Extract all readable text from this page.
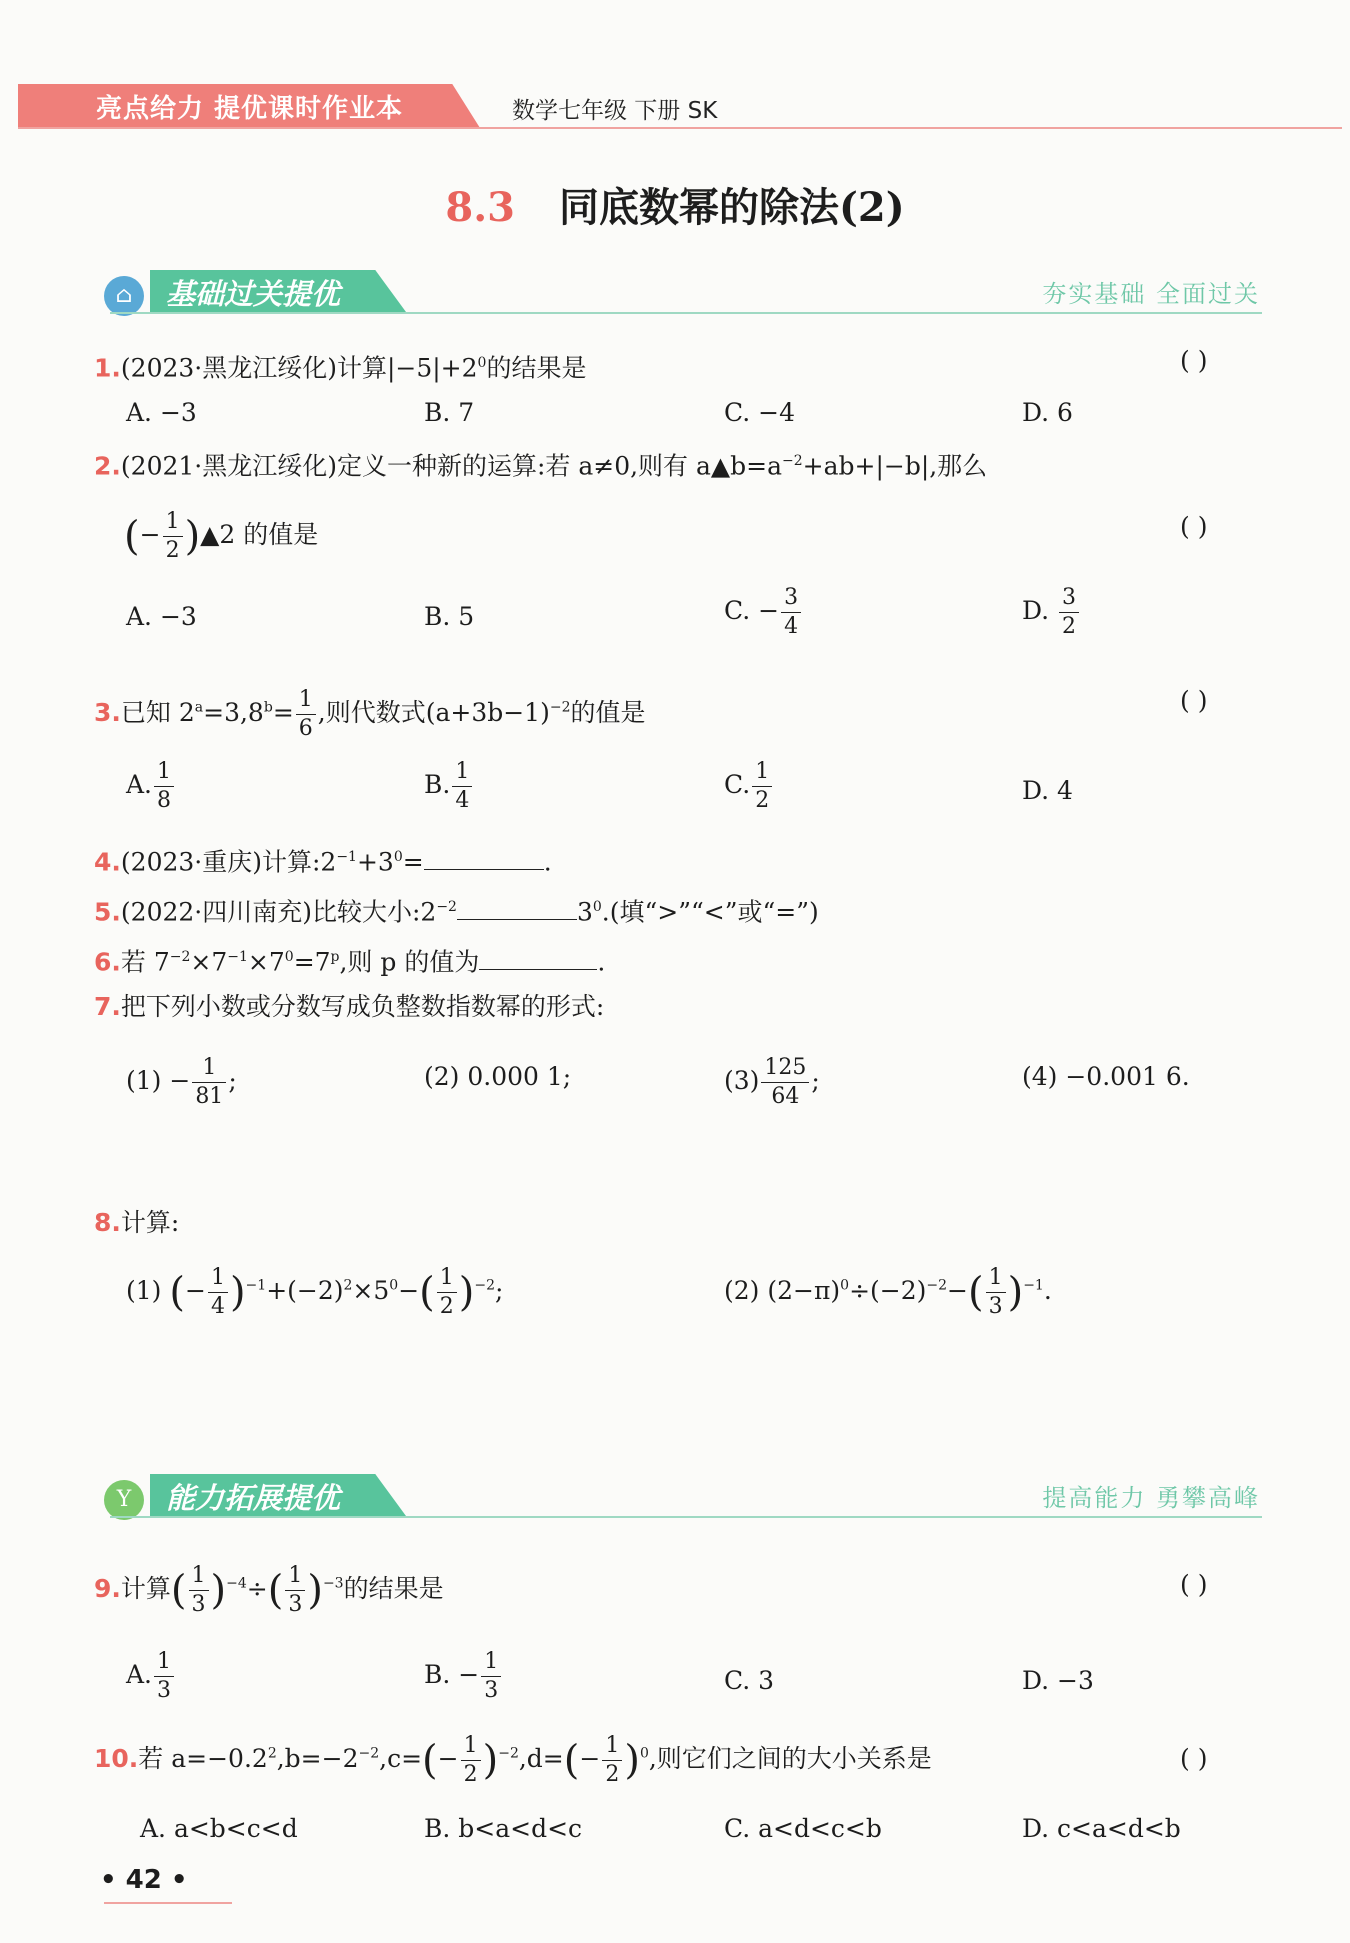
亮点给力 提优课时作业本	数学七年级 下册 SK
8.3 同底数幂的除法(2)
⌂	基础过关提优	夯实基础 全面过关
1.(2023·黑龙江绥化)计算$|-5|+2^0$的结果是	( )
A. −3	B. 7	C. −4	D. 6
2.(2021·黑龙江绥化)定义一种新的运算:若 a≠0,则有 $a▲b=a^{-2}+ab+|-b|$,那么
(− $\frac{1}{2}$ )▲2 的值是	( )
A. −3	B. 5	C. − $\frac{3}{4}$	D. $\frac{3}{2}$
3.已知 $2^a=3,8^b= \frac{1}{6}$ ,则代数式$(a+3b-1)^{-2}$的值是	( )
A. $\frac{1}{8}$	B. $\frac{1}{4}$	C. $\frac{1}{2}$	D. 4
4.(2023·重庆)计算$:2^{-1}+3^0=$	.
5.(2022·四川南充)比较大小$:2^{-2}$	$3^0$.(填“>”“<”或“=”)
6.若 $7^{-2}\times 7^{-1}\times 7^0=7^p$,则 p 的值为	.
7.把下列小数或分数写成负整数指数幂的形式:
$(1) - \frac{1}{81}$ ;	(2) 0.000 1;	$(3) \frac{125}{64}$ ;	(4) −0.001 6.
8.计算:
(1) (− $\frac{1}{4} )^{-1}+(-2)^2\times 5^0-( \frac{1}{2} )^{-2}$;	(2) $(2-\pi)^0\div(-2)^{-2}-( \frac{1}{3} )^{-1}$.
Y	能力拓展提优	提高能力 勇攀高峰
9.计算( $\frac{1}{3} )^{-4}\div( \frac{1}{3} )^{-3}$的结果是	( )
A. $\frac{1}{3}$	B. − $\frac{1}{3}$	C. 3	D. −3
10.若 $a=-0.2^2,b=-2^{-2},c=(- \frac{1}{2} )^{-2},d=(- \frac{1}{2} )^0$,则它们之间的大小关系是	( )
A. a<b<c<d	B. b<a<d<c	C. a<d<c<b	D. c<a<d<b
• 42 •
